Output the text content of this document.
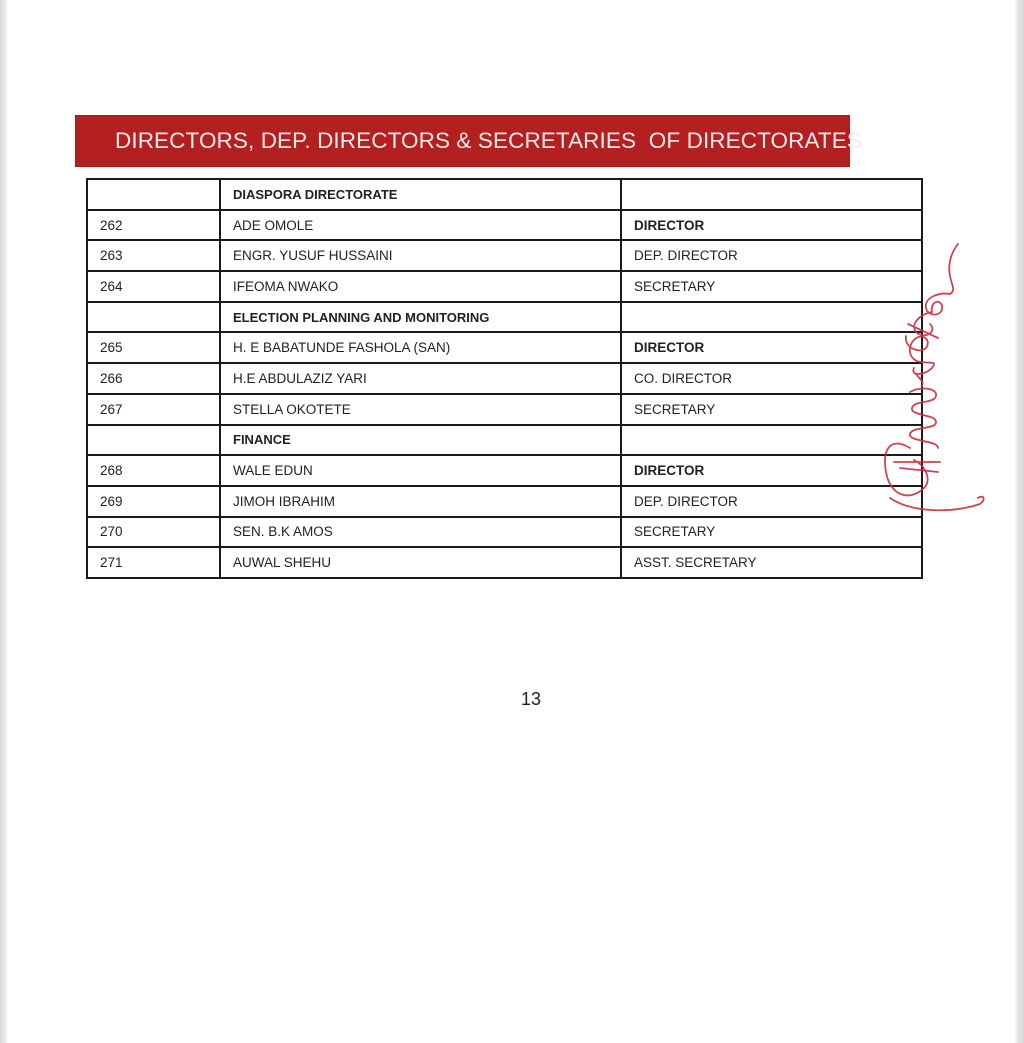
DIRECTORS, DEP. DIRECTORS & SECRETARIES  OF DIRECTORATES
	DIASPORA DIRECTORATE	
262	ADE OMOLE	DIRECTOR
263	ENGR. YUSUF HUSSAINI	DEP. DIRECTOR
264	IFEOMA NWAKO	SECRETARY
	ELECTION PLANNING AND MONITORING	
265	H. E BABATUNDE FASHOLA (SAN)	DIRECTOR
266	H.E ABDULAZIZ YARI	CO. DIRECTOR
267	STELLA OKOTETE	SECRETARY
	FINANCE	
268	WALE EDUN	DIRECTOR
269	JIMOH IBRAHIM	DEP. DIRECTOR
270	SEN. B.K AMOS	SECRETARY
271	AUWAL SHEHU	ASST. SECRETARY
13
